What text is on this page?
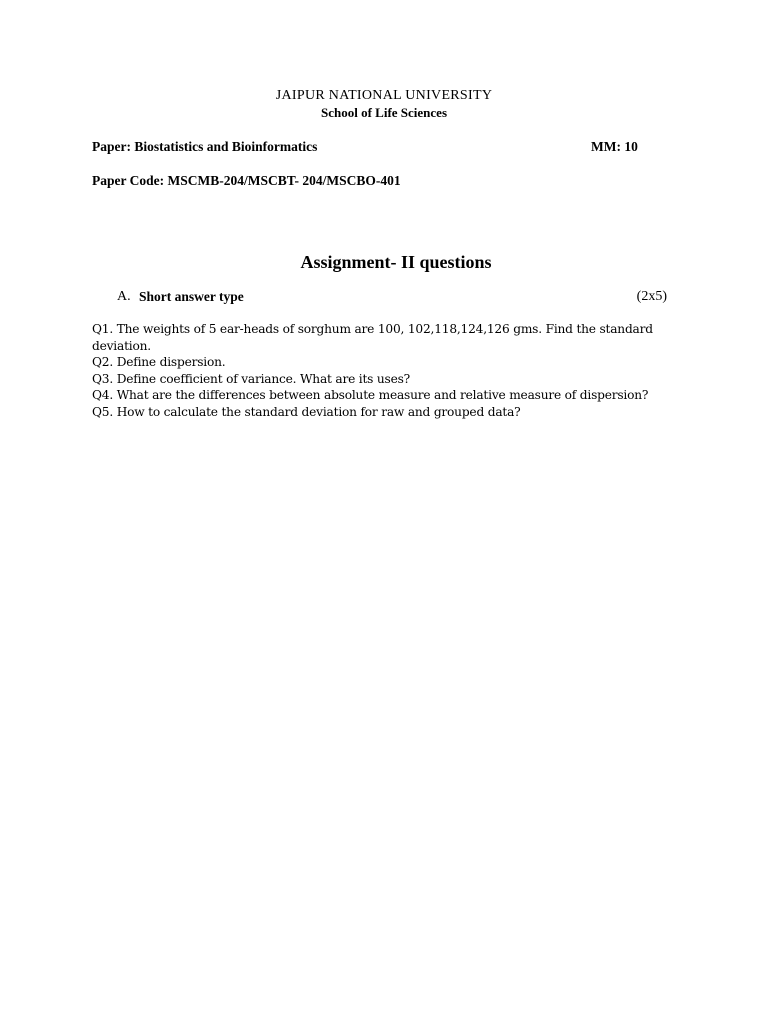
JAIPUR NATIONAL UNIVERSITY
School of Life Sciences
Paper: Biostatistics and Bioinformatics	MM: 10
Paper Code: MSCMB-204/MSCBT- 204/MSCBO-401
Assignment- II questions
A. Short answer type	(2x5)
Q1. The weights of 5 ear-heads of sorghum are 100, 102,118,124,126 gms. Find the standard deviation.
Q2. Define dispersion.
Q3. Define coefficient of variance. What are its uses?
Q4. What are the differences between absolute measure and relative measure of dispersion?
Q5. How to calculate the standard deviation for raw and grouped data?
